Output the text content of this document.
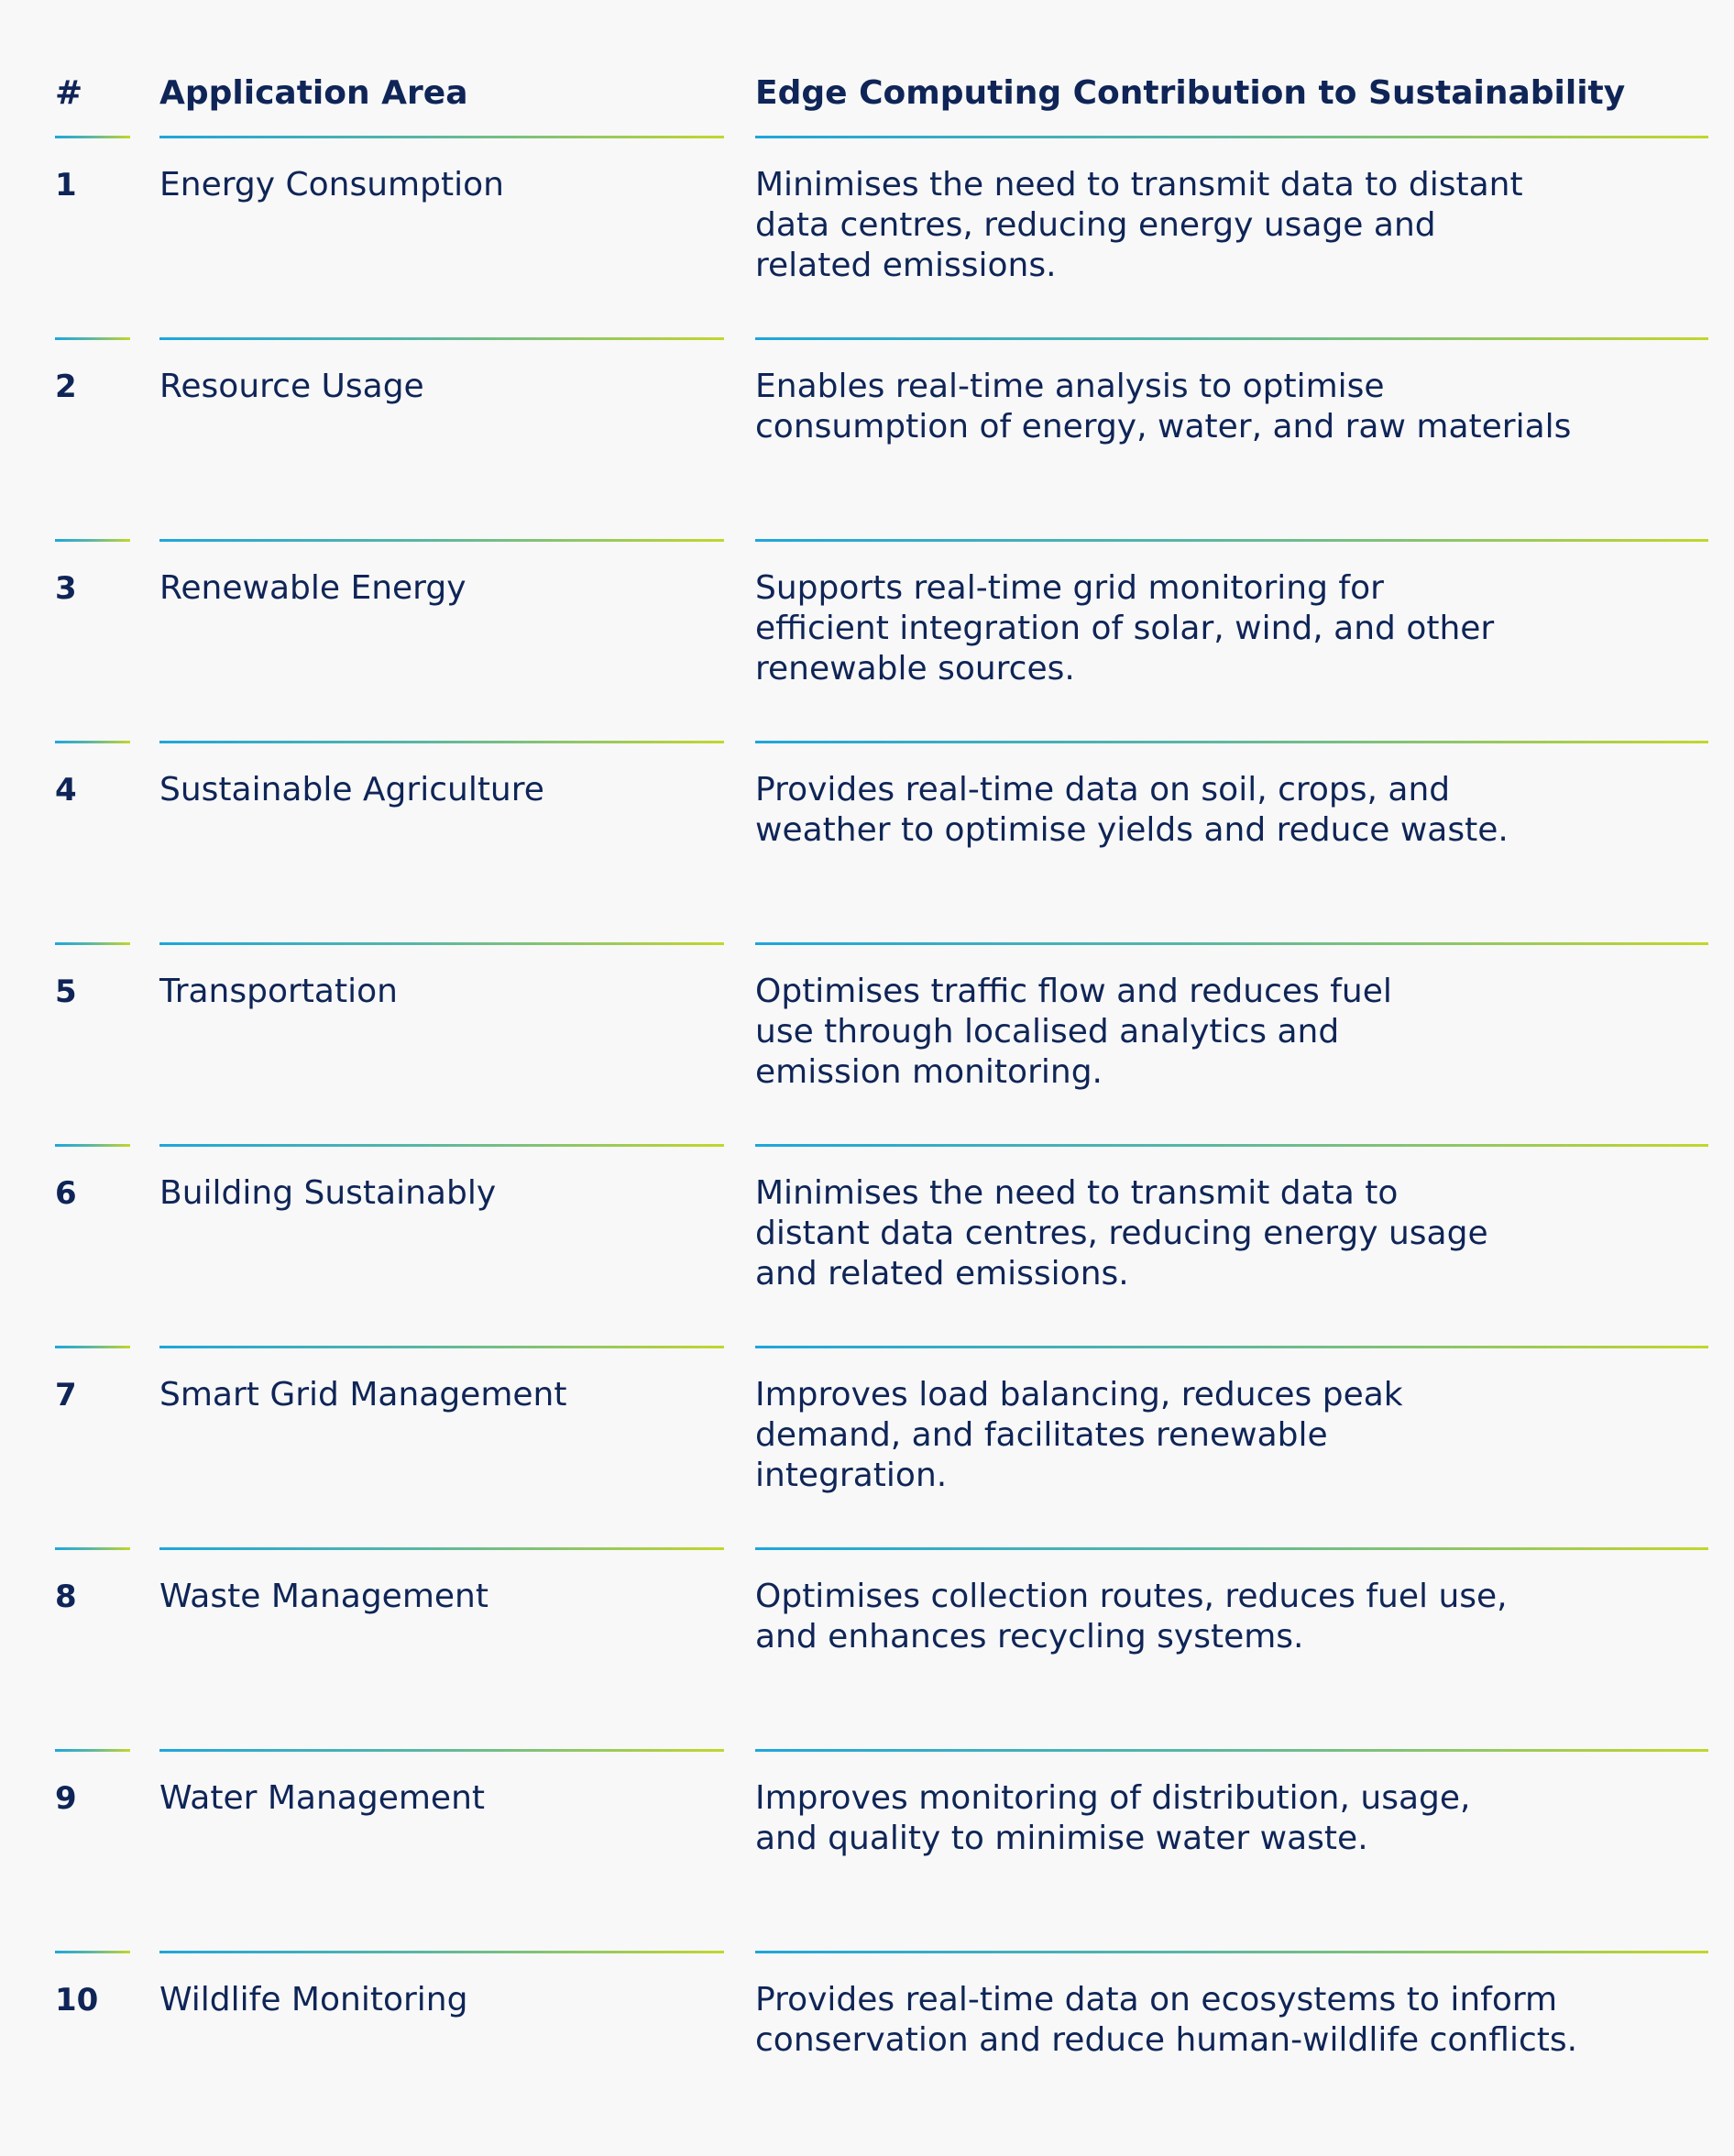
#	Application Area	Edge Computing Contribution to Sustainability
1	Energy Consumption	Minimises the need to transmit data to distant
data centres, reducing energy usage and
related emissions.
2	Resource Usage	Enables real-time analysis to optimise
consumption of energy, water, and raw materials
3	Renewable Energy	Supports real-time grid monitoring for
efficient integration of solar, wind, and other
renewable sources.
4	Sustainable Agriculture	Provides real-time data on soil, crops, and
weather to optimise yields and reduce waste.
5	Transportation	Optimises traffic flow and reduces fuel
use through localised analytics and
emission monitoring.
6	Building Sustainably	Minimises the need to transmit data to
distant data centres, reducing energy usage
and related emissions.
7	Smart Grid Management	Improves load balancing, reduces peak
demand, and facilitates renewable
integration.
8	Waste Management	Optimises collection routes, reduces fuel use,
and enhances recycling systems.
9	Water Management	Improves monitoring of distribution, usage,
and quality to minimise water waste.
10	Wildlife Monitoring	Provides real-time data on ecosystems to inform
conservation and reduce human-wildlife conflicts.
